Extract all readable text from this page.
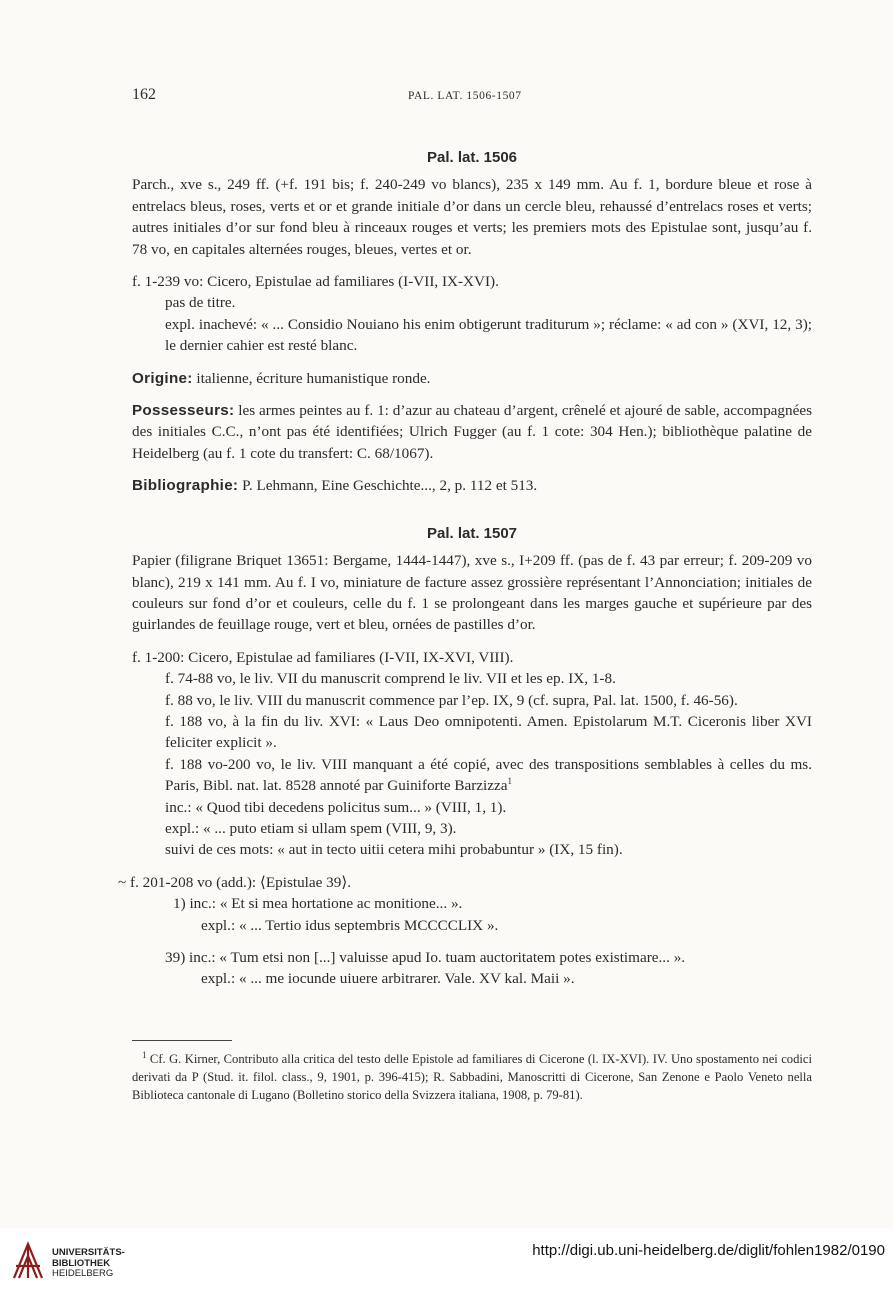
162	PAL. LAT. 1506-1507

Pal. lat. 1506

Parch., xve s., 249 ff. (+f. 191 bis; f. 240-249 vo blancs), 235 x 149 mm. Au f. 1, bordure bleue et rose à entrelacs bleus, roses, verts et or et grande initiale d’or dans un cercle bleu, rehaussé d’entrelacs roses et verts; autres initiales d’or sur fond bleu à rinceaux rouges et verts; les premiers mots des Epistulae sont, jusqu’au f. 78 vo, en capitales alternées rouges, bleues, vertes et or.

f. 1-239 vo: Cicero, Epistulae ad familiares (I-VII, IX-XVI).

pas de titre.

expl. inachevé: « ... Considio Nouiano his enim obtigerunt traditurum »; réclame: « ad con » (XVI, 12, 3); le dernier cahier est resté blanc.

Origine: italienne, écriture humanistique ronde.

Possesseurs: les armes peintes au f. 1: d’azur au chateau d’argent, crênelé et ajouré de sable, accompagnées des initiales C.C., n’ont pas été identifiées; Ulrich Fugger (au f. 1 cote: 304 Hen.); bibliothèque palatine de Heidelberg (au f. 1 cote du transfert: C. 68/1067).

Bibliographie: P. Lehmann, Eine Geschichte..., 2, p. 112 et 513.

Pal. lat. 1507

Papier (filigrane Briquet 13651: Bergame, 1444-1447), xve s., I+209 ff. (pas de f. 43 par erreur; f. 209-209 vo blanc), 219 x 141 mm. Au f. I vo, miniature de facture assez grossière représentant l’Annonciation; initiales de couleurs sur fond d’or et couleurs, celle du f. 1 se prolongeant dans les marges gauche et supérieure par des guirlandes de feuillage rouge, vert et bleu, ornées de pastilles d’or.

f. 1-200: Cicero, Epistulae ad familiares (I-VII, IX-XVI, VIII).

f. 74-88 vo, le liv. VII du manuscrit comprend le liv. VII et les ep. IX, 1-8.

f. 88 vo, le liv. VIII du manuscrit commence par l’ep. IX, 9 (cf. supra, Pal. lat. 1500, f. 46-56).

f. 188 vo, à la fin du liv. XVI: « Laus Deo omnipotenti. Amen. Epistolarum M.T. Ciceronis liber XVI feliciter explicit ».

f. 188 vo-200 vo, le liv. VIII manquant a été copié, avec des transpositions semblables à celles du ms. Paris, Bibl. nat. lat. 8528 annoté par Guiniforte Barzizza$^1$

inc.: « Quod tibi decedens policitus sum... » (VIII, 1, 1).

expl.: « ... puto etiam si ullam spem (VIII, 9, 3).

suivi de ces mots: « aut in tecto uitii cetera mihi probabuntur » (IX, 15 fin).

~ f. 201-208 vo (add.): ⟨Epistulae 39⟩.

1) inc.: « Et si mea hortatione ac monitione... ».

expl.: « ... Tertio idus septembris MCCCCLIX ».

39) inc.: « Tum etsi non [...] valuisse apud Io. tuam auctoritatem potes existimare... ».

expl.: « ... me iocunde uiuere arbitrarer. Vale. XV kal. Maii ».

$^1$ Cf. G. Kirner, Contributo alla critica del testo delle Epistole ad familiares di Cicerone (l. IX-XVI). IV. Uno spostamento nei codici derivati da P (Stud. it. filol. class., 9, 1901, p. 396-415); R. Sabbadini, Manoscritti di Cicerone, San Zenone e Paolo Veneto nella Biblioteca cantonale di Lugano (Bolletino storico della Svizzera italiana, 1908, p. 79-81).

UNIVERSITÄTS-
BIBLIOTHEK
HEIDELBERG
http://digi.ub.uni-heidelberg.de/diglit/fohlen1982/0190
